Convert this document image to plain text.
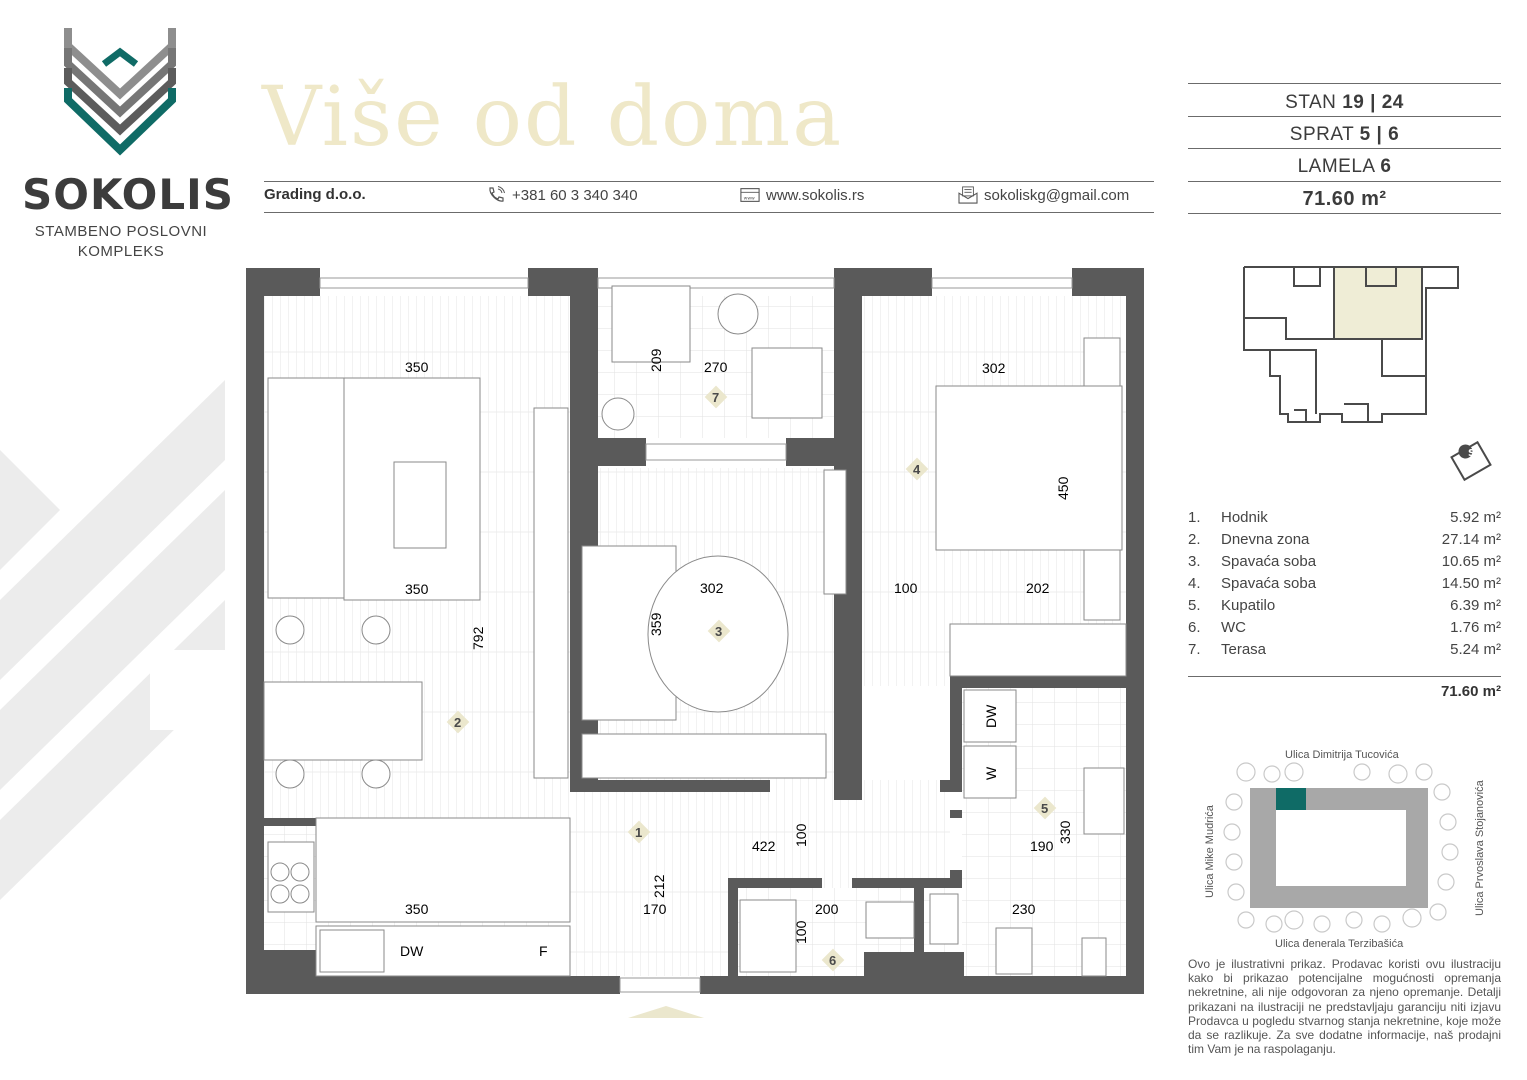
SOKOLIS
STAMBENO POSLOVNI
KOMPLEKS
Više od doma
Grading d.o.o.	+381 60 3 340 340	www www.sokolis.rs	sokoliskg@gmail.com
STAN 19 | 24
SPRAT 5 | 6
LAMELA 6
71.60 m²
S
1. Hodnik	5.92 m²
2. Dnevna zona	27.14 m²
3. Spavaća soba	10.65 m²
4. Spavaća soba	14.50 m²
5. Kupatilo	6.39 m²
6. WC	1.76 m²
7. Terasa	5.24 m²
71.60 m²
Ulica Dimitrija Tucovića
Ulica đenerala Terzibašića
Ulica Mike Mudrića	Ulica Prvoslava Stojanovića
Ovo je ilustrativni prikaz. Prodavac koristi ovu ilustraciju kako bi prikazao potencijalne mogućnosti opremanja nekretnine, ali nije odgovoran za njeno opremanje. Detalji prikazani na ilustraciji ne predstavljaju garanciju niti izjavu Prodavca u pogledu stvarnog stanja nekretnine, koje može da se razlikuje. Za sve dodatne informacije, naš prodajni tim Vam je na raspolaganju.
DW	F
DW
W
350
350
792
350
209	270
302
359
302
450
100	202
422 100
212
170	200
100
190
330
230
1
2
3
4
5
6
7
